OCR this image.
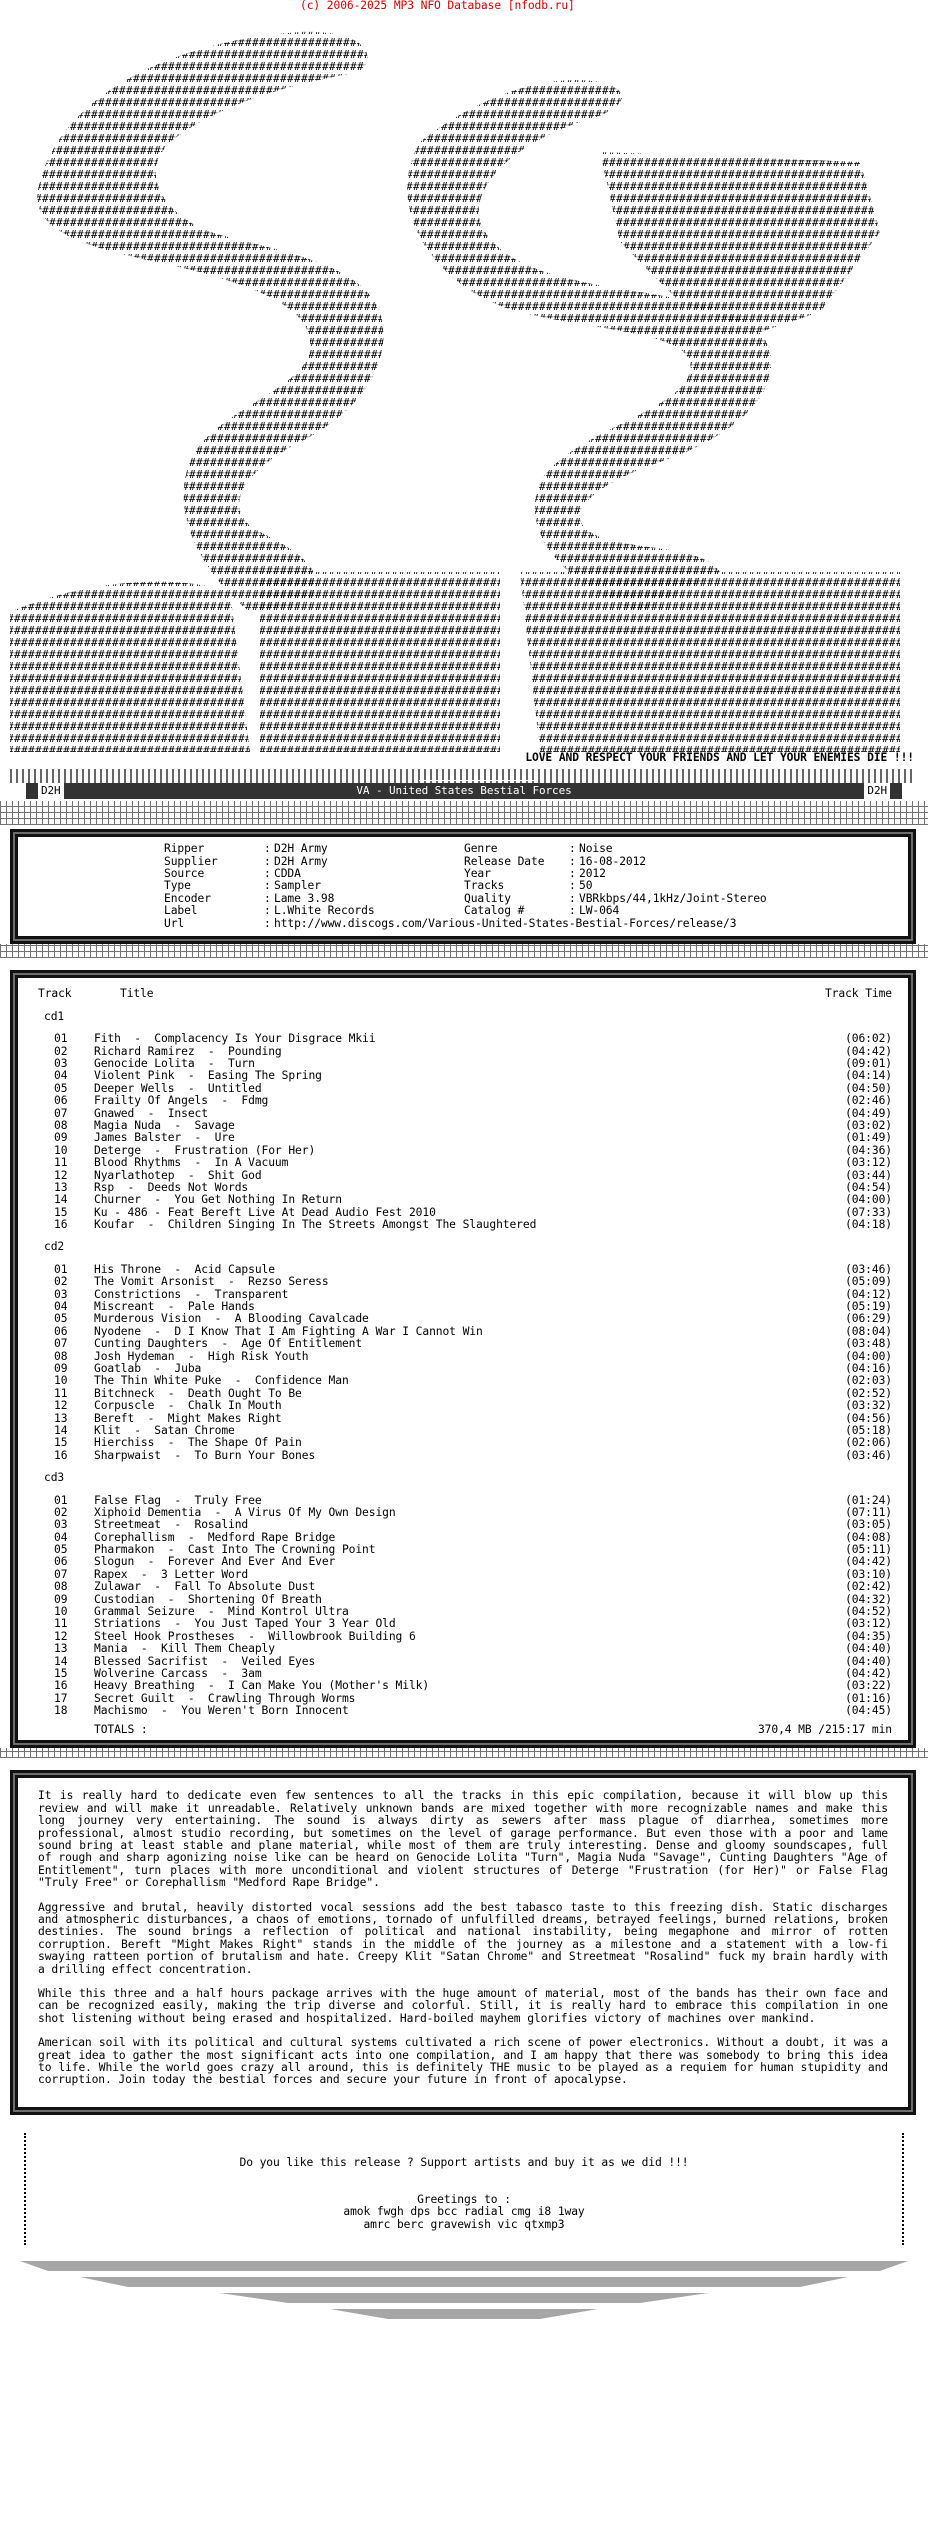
(c) 2006-2025 MP3 NFO Database [nfodb.ru]
LOVE AND RESPECT YOUR FRIENDS AND LET YOUR ENEMIES DIE !!!

D2H	VA - United States Bestial Forces	D2H
Ripper	: D2H Army	Genre	: Noise
Supplier	: D2H Army	Release Date	: 16-08-2012
Source	: CDDA	Year	: 2012
Type	: Sampler	Tracks	: 50
Encoder	: Lame 3.98	Quality	: VBRkbps/44,1kHz/Joint-Stereo
Label	: L.White Records	Catalog #	: LW-064
Url	: http://www.discogs.com/Various-United-States-Bestial-Forces/release/3

Track	Title	Track Time
cd1
01	Fith  -  Complacency Is Your Disgrace Mkii	(06:02)
02	Richard Ramirez  -  Pounding	(04:42)
03	Genocide Lolita  -  Turn	(09:01)
04	Violent Pink  -  Easing The Spring	(04:14)
05	Deeper Wells  -  Untitled	(04:50)
06	Frailty Of Angels  -  Fdmg	(02:46)
07	Gnawed  -  Insect	(04:49)
08	Magia Nuda  -  Savage	(03:02)
09	James Balster  -  Ure	(01:49)
10	Deterge  -  Frustration (For Her)	(04:36)
11	Blood Rhythms  -  In A Vacuum	(03:12)
12	Nyarlathotep  -  Shit God	(03:44)
13	Rsp  -  Deeds Not Words	(04:54)
14	Churner  -  You Get Nothing In Return	(04:00)
15	Ku - 486 - Feat Bereft Live At Dead Audio Fest 2010	(07:33)
16	Koufar  -  Children Singing In The Streets Amongst The Slaughtered	(04:18)
cd2
01	His Throne  -  Acid Capsule	(03:46)
02	The Vomit Arsonist  -  Rezso Seress	(05:09)
03	Constrictions  -  Transparent	(04:12)
04	Miscreant  -  Pale Hands	(05:19)
05	Murderous Vision  -  A Blooding Cavalcade	(06:29)
06	Nyodene  -  D I Know That I Am Fighting A War I Cannot Win	(08:04)
07	Cunting Daughters  -  Age Of Entitlement	(03:48)
08	Josh Hydeman  -  High Risk Youth	(04:00)
09	Goatlab  -  Juba	(04:16)
10	The Thin White Puke  -  Confidence Man	(02:03)
11	Bitchneck  -  Death Ought To Be	(02:52)
12	Corpuscle  -  Chalk In Mouth	(03:32)
13	Bereft  -  Might Makes Right	(04:56)
14	Klit  -  Satan Chrome	(05:18)
15	Hierchiss  -  The Shape Of Pain	(02:06)
16	Sharpwaist  -  To Burn Your Bones	(03:46)
cd3
01	False Flag  -  Truly Free	(01:24)
02	Xiphoid Dementia  -  A Virus Of My Own Design	(07:11)
03	Streetmeat  -  Rosalind	(03:05)
04	Corephallism  -  Medford Rape Bridge	(04:08)
05	Pharmakon  -  Cast Into The Crowning Point	(05:11)
06	Slogun  -  Forever And Ever And Ever	(04:42)
07	Rapex  -  3 Letter Word	(03:10)
08	Zulawar  -  Fall To Absolute Dust	(02:42)
09	Custodian  -  Shortening Of Breath	(04:32)
10	Grammal Seizure  -  Mind Kontrol Ultra	(04:52)
11	Striations  -  You Just Taped Your 3 Year Old	(03:12)
12	Steel Hook Prostheses  -  Willowbrook Building 6	(04:35)
13	Mania  -  Kill Them Cheaply	(04:40)
14	Blessed Sacrifist  -  Veiled Eyes	(04:40)
15	Wolverine Carcass  -  3am	(04:42)
16	Heavy Breathing  -  I Can Make You (Mother's Milk)	(03:22)
17	Secret Guilt  -  Crawling Through Worms	(01:16)
18	Machismo  -  You Weren't Born Innocent	(04:45)
TOTALS :	370,4 MB /215:17 min

It is really hard to dedicate even few sentences to all the tracks in this epic compilation, because it will blow up this review and will make it unreadable. Relatively unknown bands are mixed together with more recognizable names and make this long journey very entertaining. The sound is always dirty as sewers after mass plague of diarrhea, sometimes more professional, almost studio recording, but sometimes on the level of garage performance. But even those with a poor and lame sound bring at least stable and plane material, while most of them are truly interesting. Dense and gloomy soundscapes, full of rough and sharp agonizing noise like can be heard on Genocide Lolita "Turn", Magia Nuda "Savage", Cunting Daughters "Age of Entitlement", turn places with more unconditional and violent structures of Deterge "Frustration (for Her)" or False Flag "Truly Free" or Corephallism "Medford Rape Bridge".

Aggressive and brutal, heavily distorted vocal sessions add the best tabasco taste to this freezing dish. Static discharges and atmospheric disturbances, a chaos of emotions, tornado of unfulfilled dreams, betrayed feelings, burned relations, broken destinies. The sound brings a reflection of political and national instability, being megaphone and mirror of rotten corruption. Bereft "Might Makes Right" stands in the middle of the journey as a milestone and a statement with a low-fi swaying ratteen portion of brutalism and hate. Creepy Klit "Satan Chrome" and Streetmeat "Rosalind" fuck my brain hardly with a drilling effect concentration.

While this three and a half hours package arrives with the huge amount of material, most of the bands has their own face and can be recognized easily, making the trip diverse and colorful. Still, it is really hard to embrace this compilation in one shot listening without being erased and hospitalized. Hard-boiled mayhem glorifies victory of machines over mankind.

American soil with its political and cultural systems cultivated a rich scene of power electronics. Without a doubt, it was a great idea to gather the most significant acts into one compilation, and I am happy that there was somebody to bring this idea to life. While the world goes crazy all around, this is definitely THE music to be played as a requiem for human stupidity and corruption. Join today the bestial forces and secure your future in front of apocalypse.

Do you like this release ? Support artists and buy it as we did !!!
Greetings to :
amok fwgh dps bcc radial cmg i8 1way
amrc berc gravewish vic qtxmp3
